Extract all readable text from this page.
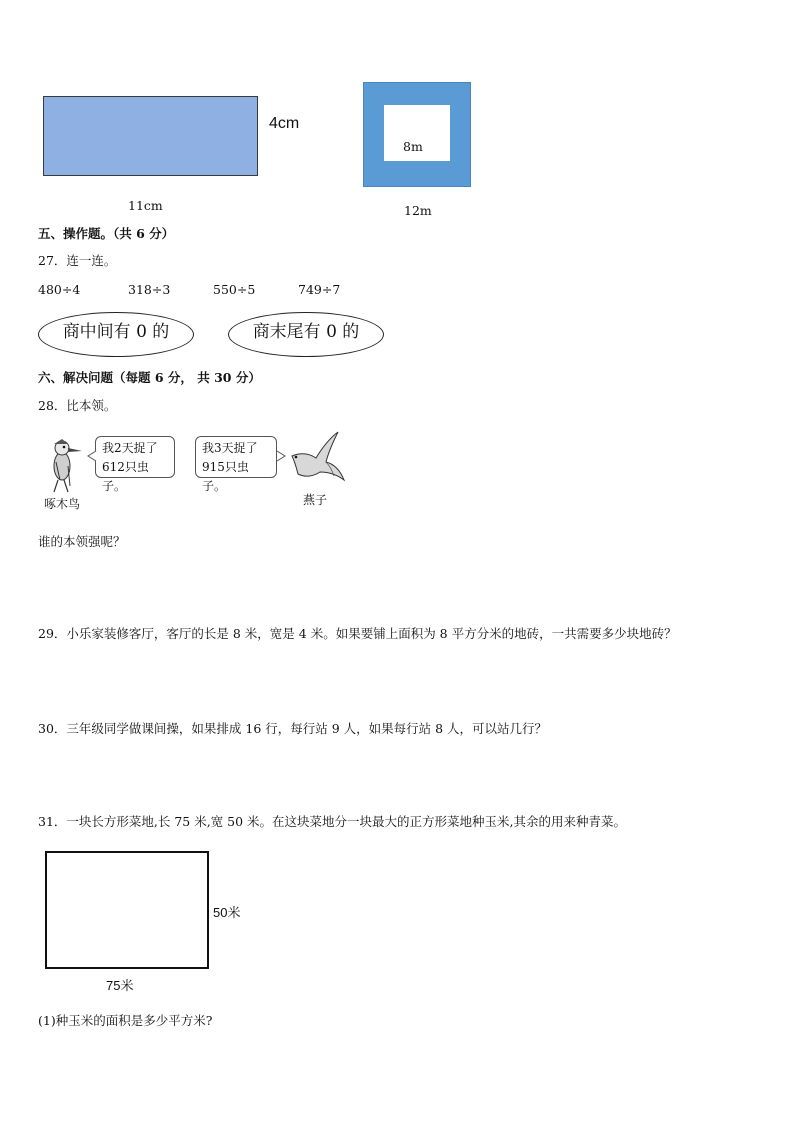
4cm
11cm
8m
12m
五、操作题。（共 6 分）
27．连一连。
480÷4	318÷3	550÷5	749÷7
商中间有 0 的	商末尾有 0 的
六、解决问题（每题 6 分， 共 30 分）
28．比本领。
啄木鸟
我2天捉了
612只虫子。
我3天捉了
915只虫子。
燕子
谁的本领强呢？
29．小乐家装修客厅，客厅的长是 8 米，宽是 4 米。如果要铺上面积为 8 平方分米的地砖，一共需要多少块地砖？
30．三年级同学做课间操，如果排成 16 行，每行站 9 人，如果每行站 8 人，可以站几行？
31．一块长方形菜地,长 75 米,宽 50 米。在这块菜地分一块最大的正方形菜地种玉米,其余的用来种青菜。
50米
75米
(1)种玉米的面积是多少平方米?
